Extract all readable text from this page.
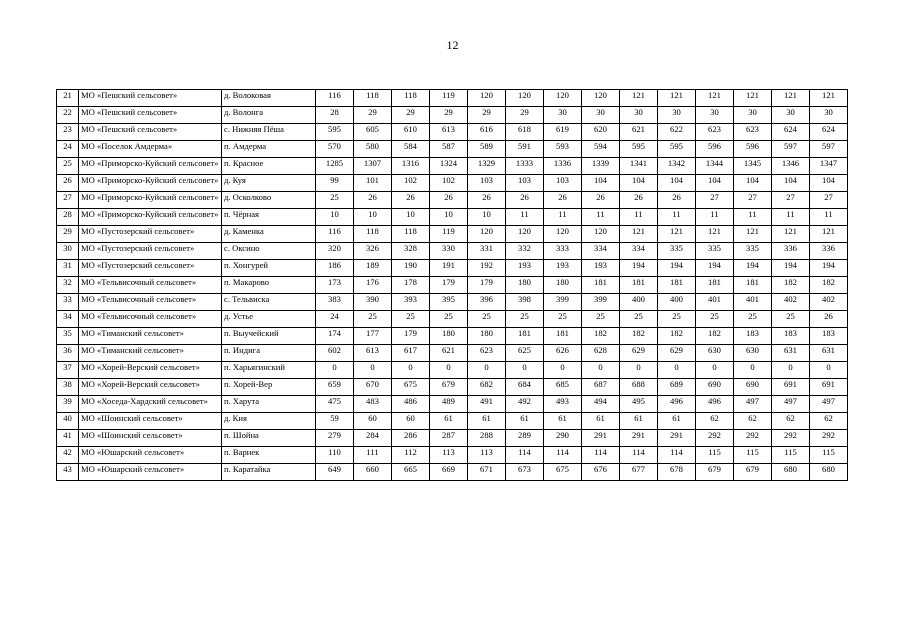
12
21	МО «Пешский сельсовет»	д. Волоковая	116	118	118	119	120	120	120	120	121	121	121	121	121	121
22	МО «Пешский сельсовет»	д. Волонга	28	29	29	29	29	29	30	30	30	30	30	30	30	30
23	МО «Пешский сельсовет»	с. Нижняя Пёша	595	605	610	613	616	618	619	620	621	622	623	623	624	624
24	МО «Поселок Амдерма»	п. Амдерма	570	580	584	587	589	591	593	594	595	595	596	596	597	597
25	МО «Приморско-Куйский сельсовет»	п. Красное	1285	1307	1316	1324	1329	1333	1336	1339	1341	1342	1344	1345	1346	1347
26	МО «Приморско-Куйский сельсовет»	д. Куя	99	101	102	102	103	103	103	104	104	104	104	104	104	104
27	МО «Приморско-Куйский сельсовет»	д. Осколково	25	26	26	26	26	26	26	26	26	26	27	27	27	27
28	МО «Приморско-Куйский сельсовет»	п. Чёрная	10	10	10	10	10	11	11	11	11	11	11	11	11	11
29	МО «Пустозерский сельсовет»	д. Каменка	116	118	118	119	120	120	120	120	121	121	121	121	121	121
30	МО «Пустозерский сельсовет»	с. Оксино	320	326	328	330	331	332	333	334	334	335	335	335	336	336
31	МО «Пустозерский сельсовет»	п. Хонгурей	186	189	190	191	192	193	193	193	194	194	194	194	194	194
32	МО «Тельвисочный сельсовет»	п. Макарово	173	176	178	179	179	180	180	181	181	181	181	181	182	182
33	МО «Тельвисочный сельсовет»	с. Тельвиска	383	390	393	395	396	398	399	399	400	400	401	401	402	402
34	МО «Тельвисочный сельсовет»	д. Устье	24	25	25	25	25	25	25	25	25	25	25	25	25	26
35	МО «Тиманский сельсовет»	п. Выучейский	174	177	179	180	180	181	181	182	182	182	182	183	183	183
36	МО «Тиманский сельсовет»	п. Индига	602	613	617	621	623	625	626	628	629	629	630	630	631	631
37	МО «Хорей-Верский сельсовет»	п. Харьягинский	0	0	0	0	0	0	0	0	0	0	0	0	0	0
38	МО «Хорей-Верский сельсовет»	п. Хорей-Вер	659	670	675	679	682	684	685	687	688	689	690	690	691	691
39	МО «Хоседа-Хардский сельсовет»	п. Харута	475	483	486	489	491	492	493	494	495	496	496	497	497	497
40	МО «Шоинский сельсовет»	д. Кия	59	60	60	61	61	61	61	61	61	61	62	62	62	62
41	МО «Шоинский сельсовет»	п. Шойна	279	284	286	287	288	289	290	291	291	291	292	292	292	292
42	МО «Юшарский сельсовет»	п. Варнек	110	111	112	113	113	114	114	114	114	114	115	115	115	115
43	МО «Юшарский сельсовет»	п. Каратайка	649	660	665	669	671	673	675	676	677	678	679	679	680	680
